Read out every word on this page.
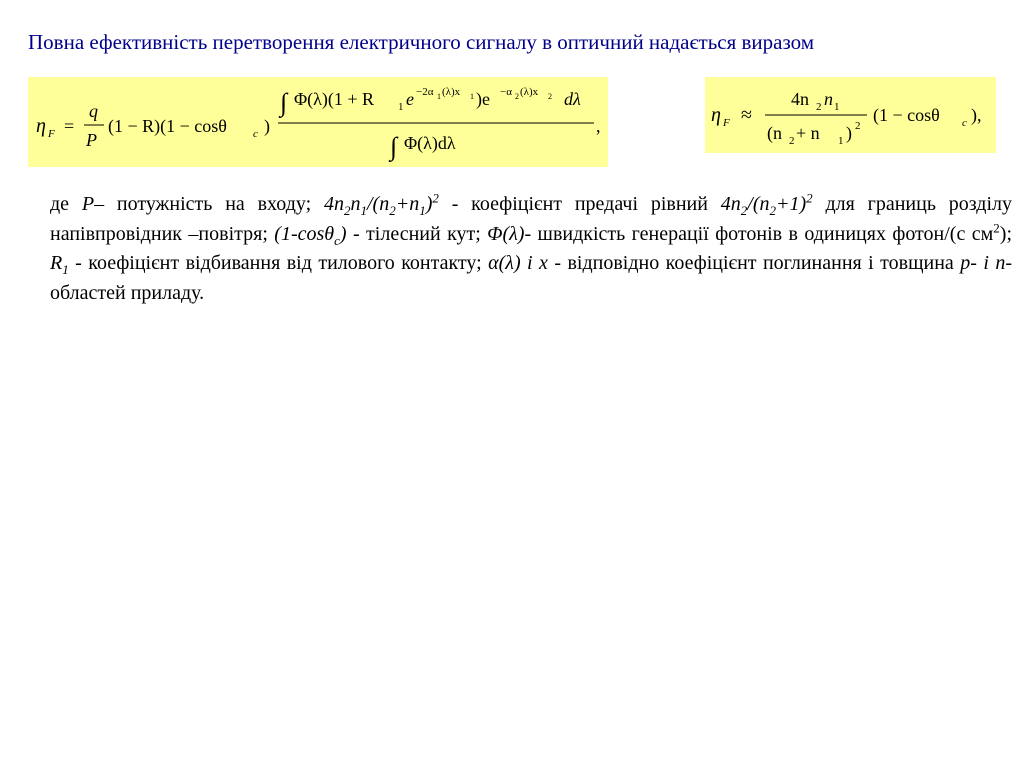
Повна ефективність перетворення електричного сигналу в оптичний надається виразом
η F =
q
P
(1 − R)(1 − cosθ c )
∫ Φ(λ)(1 + R 1 e −2α 1 (λ)x 1 )e −α 2 (λ)x 2 dλ
∫ Φ(λ)dλ
,	η F ≈
4n 2 n 1
(n 2 + n 1 ) 2
(1 − cosθ c ),
де P– потужність на входу; $4n_2n_1/(n_2+n_1)^2$ - коефіцієнт предачі рівний $4n_2/(n_2+1)^2$ для границь розділу напівпровідник –повітря; (1-cosθ$_c$) - тілесний кут; Φ(λ)- швидкість генерації фотонів в одиницях фотон/(с $см^2$); $R_1$ - коефіцієнт відбивання від тилового контакту; α(λ) і x - відповідно коефіцієнт поглинання і товщина p- і n- областей приладу.
